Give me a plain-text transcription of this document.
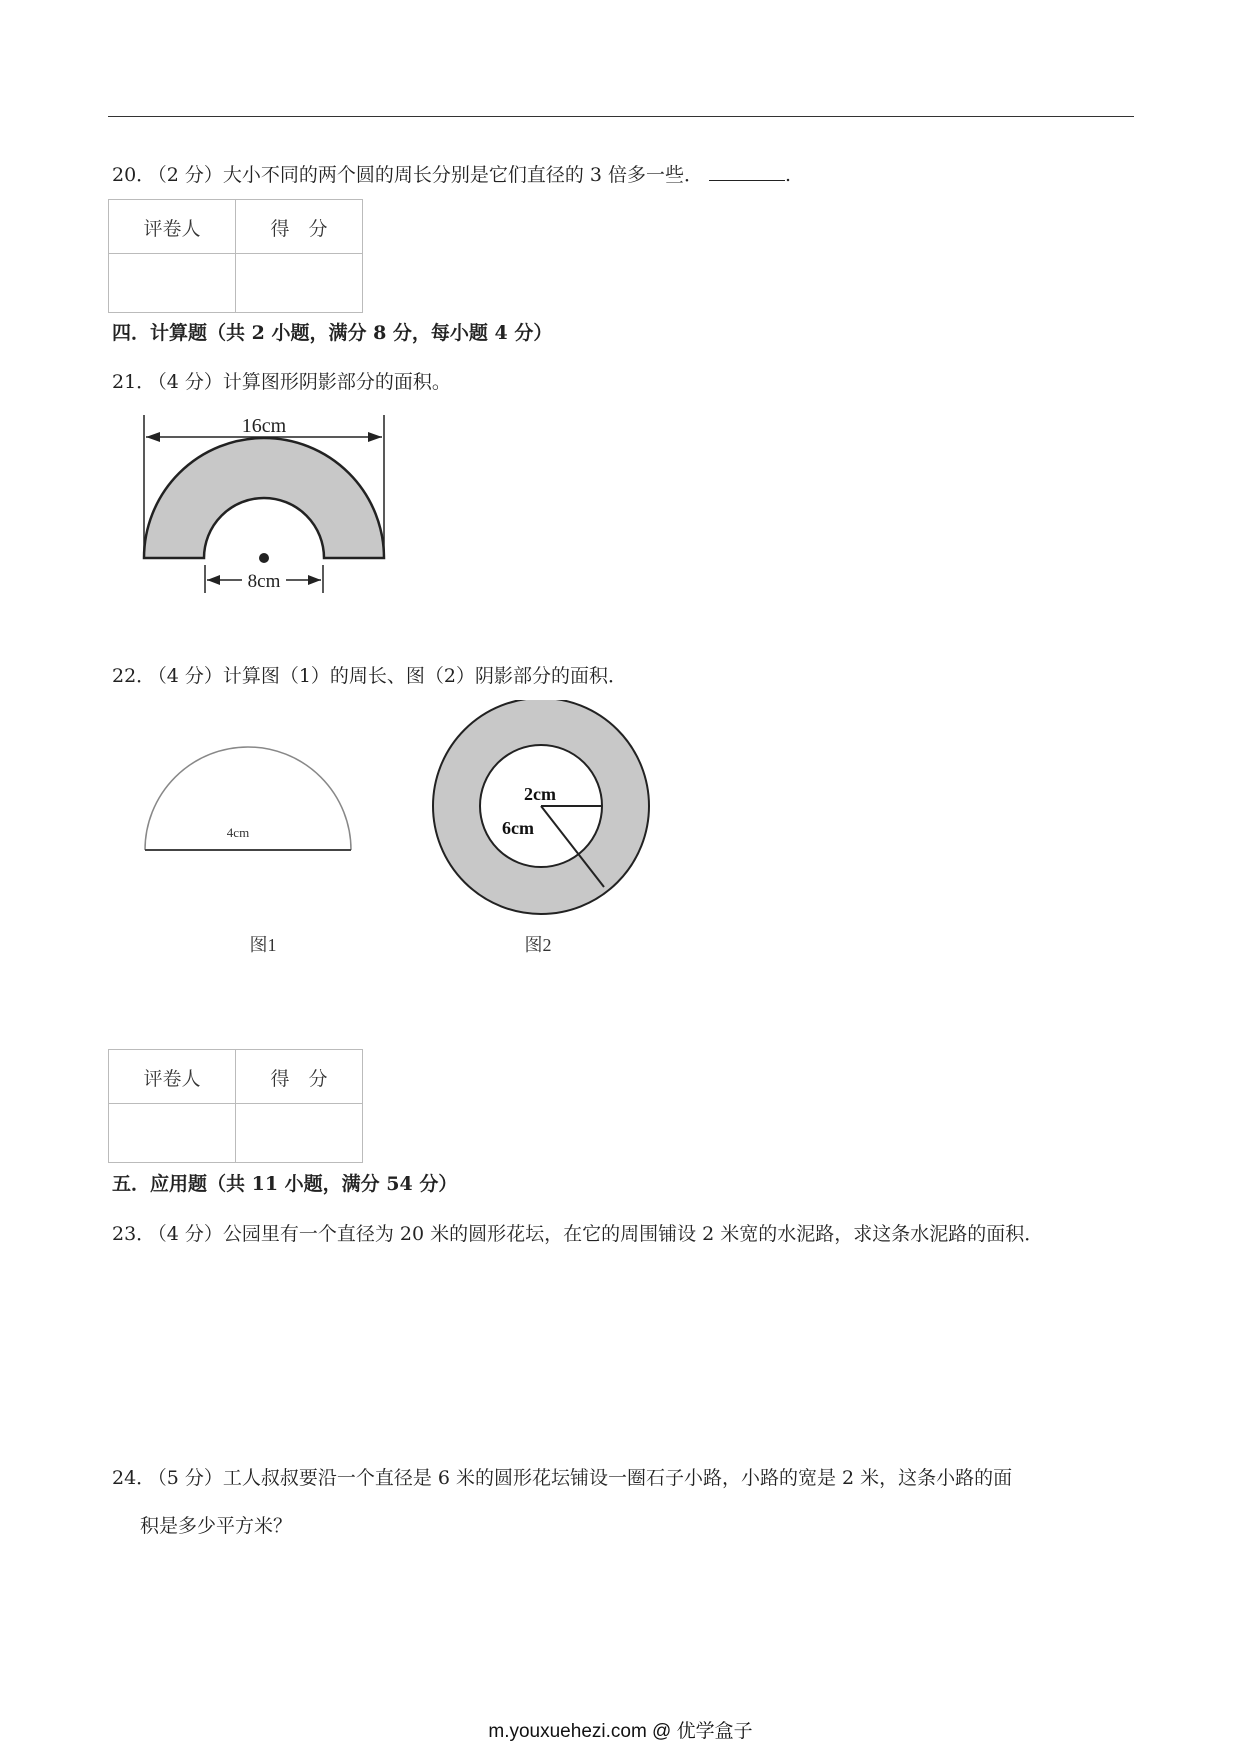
20． （2 分）大小不同的两个圆的周长分别是它们直径的 3 倍多一些．	.
评卷人	得　分

四．计算题（共 2 小题，满分 8 分，每小题 4 分）
21． （4 分）计算图形阴影部分的面积。
16cm
8cm
22． （4 分）计算图（1）的周长、图（2）阴影部分的面积．
4cm
图1
2cm
6cm
图2
评卷人	得　分

五．应用题（共 11 小题，满分 54 分）
23． （4 分）公园里有一个直径为 20 米的圆形花坛，在它的周围铺设 2 米宽的水泥路，求这条水泥路的面积．
24． （5 分）工人叔叔要沿一个直径是 6 米的圆形花坛铺设一圈石子小路，小路的宽是 2 米，这条小路的面
积是多少平方米？
m.youxuehezi.com @ 优学盒子
